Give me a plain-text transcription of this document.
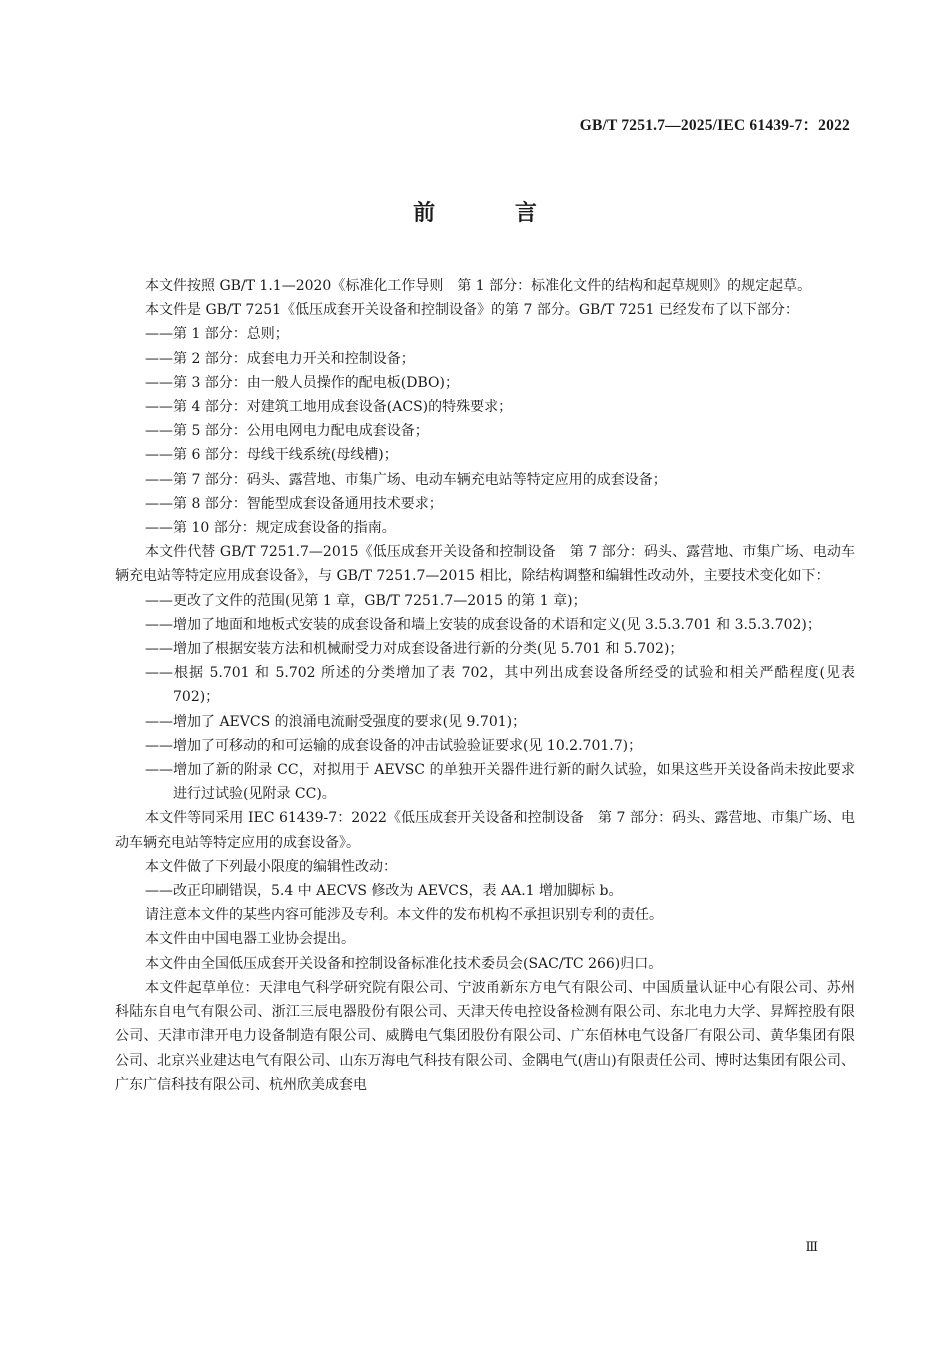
GB/T 7251.7—2025/IEC 61439-7：2022
前 言

本文件按照 GB/T 1.1—2020《标准化工作导则　第 1 部分：标准化文件的结构和起草规则》的规定起草。

本文件是 GB/T 7251《低压成套开关设备和控制设备》的第 7 部分。GB/T 7251 已经发布了以下部分：

——第 1 部分：总则；

——第 2 部分：成套电力开关和控制设备；

——第 3 部分：由一般人员操作的配电板(DBO)；

——第 4 部分：对建筑工地用成套设备(ACS)的特殊要求；

——第 5 部分：公用电网电力配电成套设备；

——第 6 部分：母线干线系统(母线槽)；

——第 7 部分：码头、露营地、市集广场、电动车辆充电站等特定应用的成套设备；

——第 8 部分：智能型成套设备通用技术要求；

——第 10 部分：规定成套设备的指南。

本文件代替 GB/T 7251.7—2015《低压成套开关设备和控制设备　第 7 部分：码头、露营地、市集广场、电动车辆充电站等特定应用成套设备》，与 GB/T 7251.7—2015 相比，除结构调整和编辑性改动外，主要技术变化如下：

——更改了文件的范围(见第 1 章，GB/T 7251.7—2015 的第 1 章)；

——增加了地面和地板式安装的成套设备和墙上安装的成套设备的术语和定义(见 3.5.3.701 和 3.5.3.702)；

——增加了根据安装方法和机械耐受力对成套设备进行新的分类(见 5.701 和 5.702)；

——根据 5.701 和 5.702 所述的分类增加了表 702，其中列出成套设备所经受的试验和相关严酷程度(见表 702)；

——增加了 AEVCS 的浪涌电流耐受强度的要求(见 9.701)；

——增加了可移动的和可运输的成套设备的冲击试验验证要求(见 10.2.701.7)；

——增加了新的附录 CC，对拟用于 AEVSC 的单独开关器件进行新的耐久试验，如果这些开关设备尚未按此要求进行过试验(见附录 CC)。

本文件等同采用 IEC 61439-7：2022《低压成套开关设备和控制设备　第 7 部分：码头、露营地、市集广场、电动车辆充电站等特定应用的成套设备》。

本文件做了下列最小限度的编辑性改动：

——改正印刷错误，5.4 中 AECVS 修改为 AEVCS，表 AA.1 增加脚标 b。

请注意本文件的某些内容可能涉及专利。本文件的发布机构不承担识别专利的责任。

本文件由中国电器工业协会提出。

本文件由全国低压成套开关设备和控制设备标准化技术委员会(SAC/TC 266)归口。

本文件起草单位：天津电气科学研究院有限公司、宁波甬新东方电气有限公司、中国质量认证中心有限公司、苏州科陆东自电气有限公司、浙江三辰电器股份有限公司、天津天传电控设备检测有限公司、东北电力大学、昇辉控股有限公司、天津市津开电力设备制造有限公司、威腾电气集团股份有限公司、广东佰林电气设备厂有限公司、黄华集团有限公司、北京兴业建达电气有限公司、山东万海电气科技有限公司、金隅电气(唐山)有限责任公司、博时达集团有限公司、广东广信科技有限公司、杭州欣美成套电

Ⅲ
